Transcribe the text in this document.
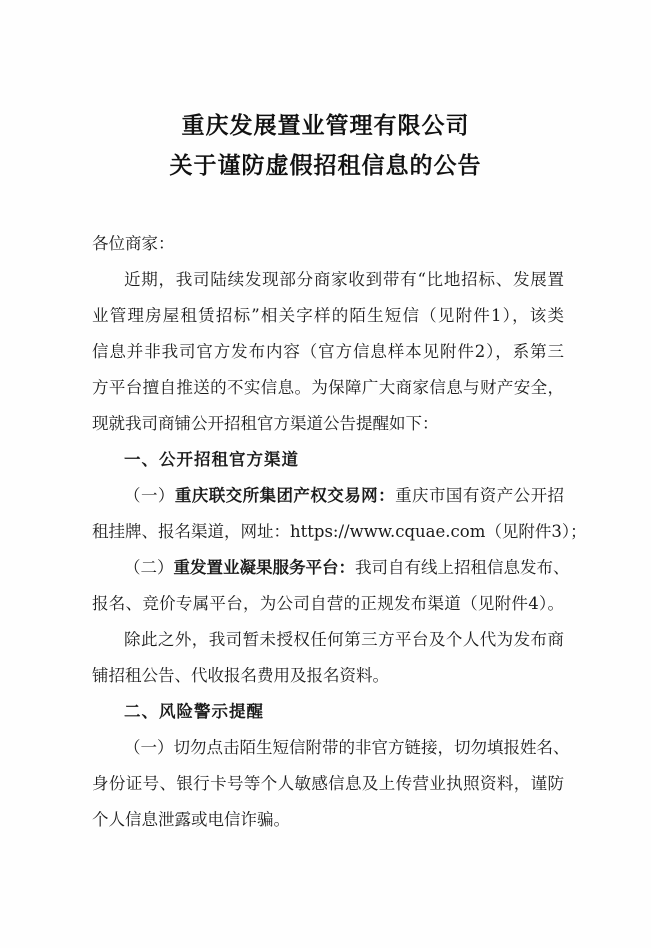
重庆发展置业管理有限公司
关于谨防虚假招租信息的公告
各位商家：
近期，我司陆续发现部分商家收到带有“比地招标、发展置
业管理房屋租赁招标”相关字样的陌生短信（见附件1），该类
信息并非我司官方发布内容（官方信息样本见附件2），系第三
方平台擅自推送的不实信息。为保障广大商家信息与财产安全，
现就我司商铺公开招租官方渠道公告提醒如下：
一、公开招租官方渠道
（一）重庆联交所集团产权交易网：重庆市国有资产公开招
租挂牌、报名渠道，网址：https://www.cquae.com（见附件3）；
（二）重发置业凝果服务平台：我司自有线上招租信息发布、
报名、竞价专属平台，为公司自营的正规发布渠道（见附件4）。
除此之外，我司暂未授权任何第三方平台及个人代为发布商
铺招租公告、代收报名费用及报名资料。
二、风险警示提醒
（一）切勿点击陌生短信附带的非官方链接，切勿填报姓名、
身份证号、银行卡号等个人敏感信息及上传营业执照资料，谨防
个人信息泄露或电信诈骗。
